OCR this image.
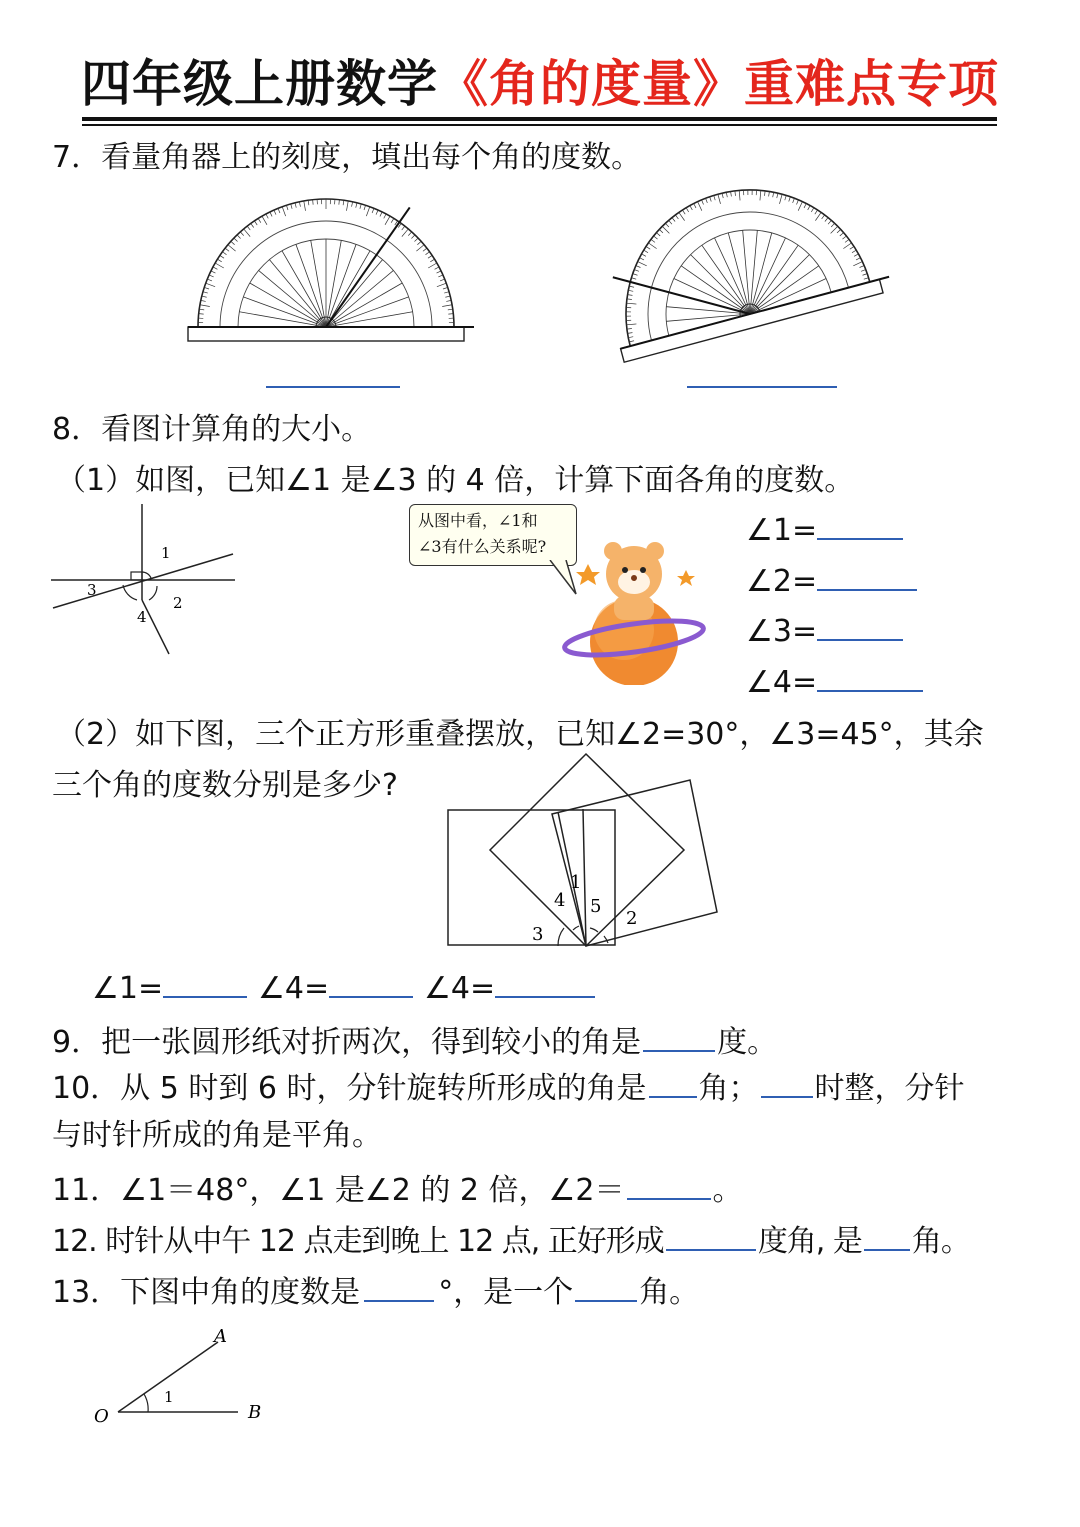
四年级上册数学《角的度量》重难点专项
7．看量角器上的刻度，填出每个角的度数。
8．看图计算角的大小。
（1）如图，已知∠1 是∠3 的 4 倍，计算下面各角的度数。
1
2
3
4
从图中看，∠1和
∠3有什么关系呢?	∠1=
∠2=
∠3=
∠4=
（2）如下图，三个正方形重叠摆放，已知∠2=30°，∠3=45°，其余
三个角的度数分别是多少?
1
2
3
4 5
∠1=	∠4=	∠4=
9．把一张圆形纸对折两次，得到较小的角是	度。
10．从 5 时到 6 时，分针旋转所形成的角是 角； 时整，分针
与时针所成的角是平角。
11．∠1＝48°，∠1 是∠2 的 2 倍，∠2＝	。
12. 时针从中午 12 点走到晚上 12 点, 正好形成	度角, 是 角。
13．下图中角的度数是	°，是一个 角。
A
O	B
1
